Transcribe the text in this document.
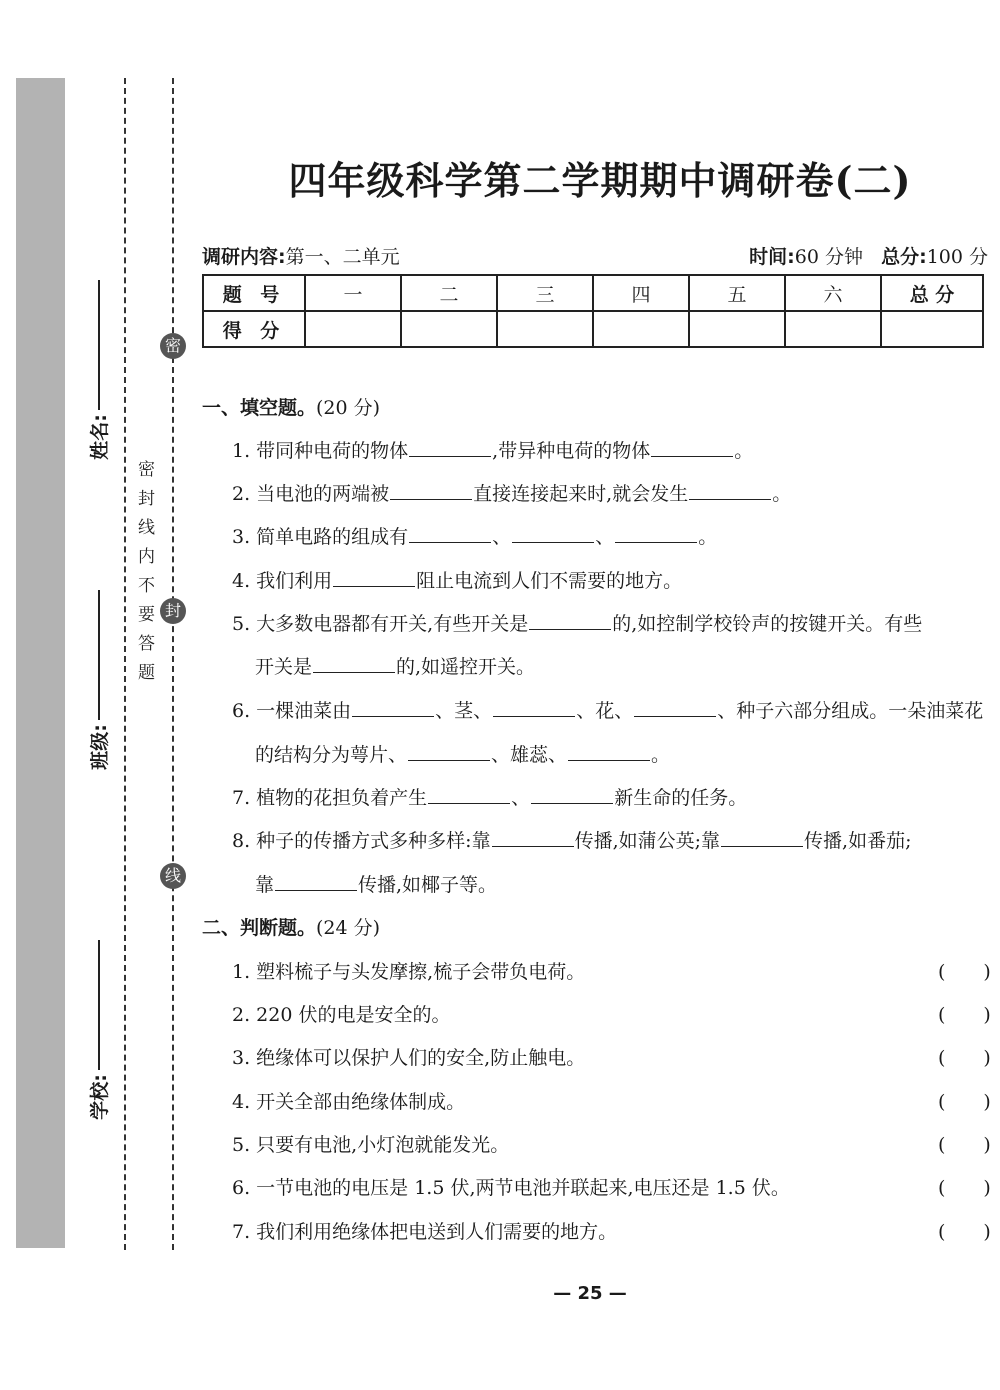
密
封
线
学校:
班级:
姓名:
密封线内不要答题
四年级科学第二学期期中调研卷(二)
调研内容:第一、二单元	时间:60 分钟 总分:100 分
题 号	一	二	三	四	五	六	总 分
得 分							
一、填空题。(20 分)
1. 带同种电荷的物体	,带异种电荷的物体	。
2. 当电池的两端被	直接连接起来时,就会发生	。
3. 简单电路的组成有	、	、	。
4. 我们利用	阻止电流到人们不需要的地方。
5. 大多数电器都有开关,有些开关是	的,如控制学校铃声的按键开关。有些
开关是	的,如遥控开关。
6. 一棵油菜由	、茎、	、花、	、种子六部分组成。一朵油菜花
的结构分为萼片、	、雄蕊、	。
7. 植物的花担负着产生	、	新生命的任务。
8. 种子的传播方式多种多样:靠	传播,如蒲公英;靠	传播,如番茄;
靠	传播,如椰子等。
二、判断题。(24 分)
1. 塑料梳子与头发摩擦,梳子会带负电荷。	(　　)
2. 220 伏的电是安全的。	(　　)
3. 绝缘体可以保护人们的安全,防止触电。	(　　)
4. 开关全部由绝缘体制成。	(　　)
5. 只要有电池,小灯泡就能发光。	(　　)
6. 一节电池的电压是 1.5 伏,两节电池并联起来,电压还是 1.5 伏。	(　　)
7. 我们利用绝缘体把电送到人们需要的地方。	(　　)
— 25 —
